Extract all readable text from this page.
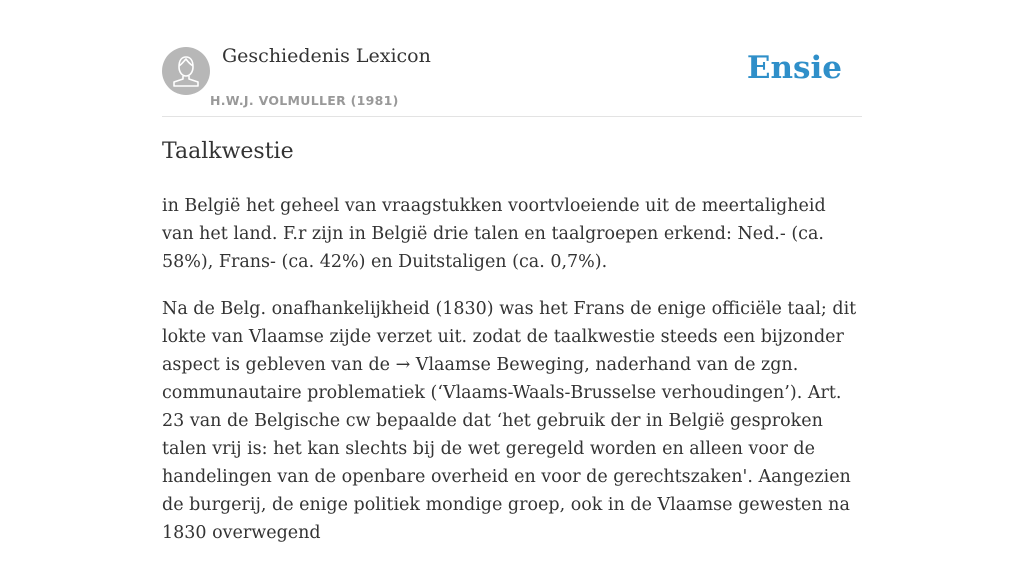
Geschiedenis Lexicon
H.W.J. VOLMULLER (1981)
Ensie
Taalkwestie

in België het geheel van vraagstukken voortvloeiende uit de meertaligheid van het land. F.r zijn in België drie talen en taalgroepen erkend: Ned.- (ca. 58%), Frans- (ca. 42%) en Duitstaligen (ca. 0,7%).

Na de Belg. onafhankelijkheid (1830) was het Frans de enige officiële taal; dit lokte van Vlaamse zijde verzet uit. zodat de taalkwestie steeds een bijzonder aspect is gebleven van de → Vlaamse Beweging, naderhand van de zgn. communautaire problematiek (‘Vlaams-Waals-Brusselse verhoudingen’). Art. 23 van de Belgische cw bepaalde dat ‘het gebruik der in België gesproken talen vrij is: het kan slechts bij de wet geregeld worden en alleen voor de handelingen van de openbare overheid en voor de gerechtszaken'. Aangezien de burgerij, de enige politiek mondige groep, ook in de Vlaamse gewesten na 1830 overwegend
